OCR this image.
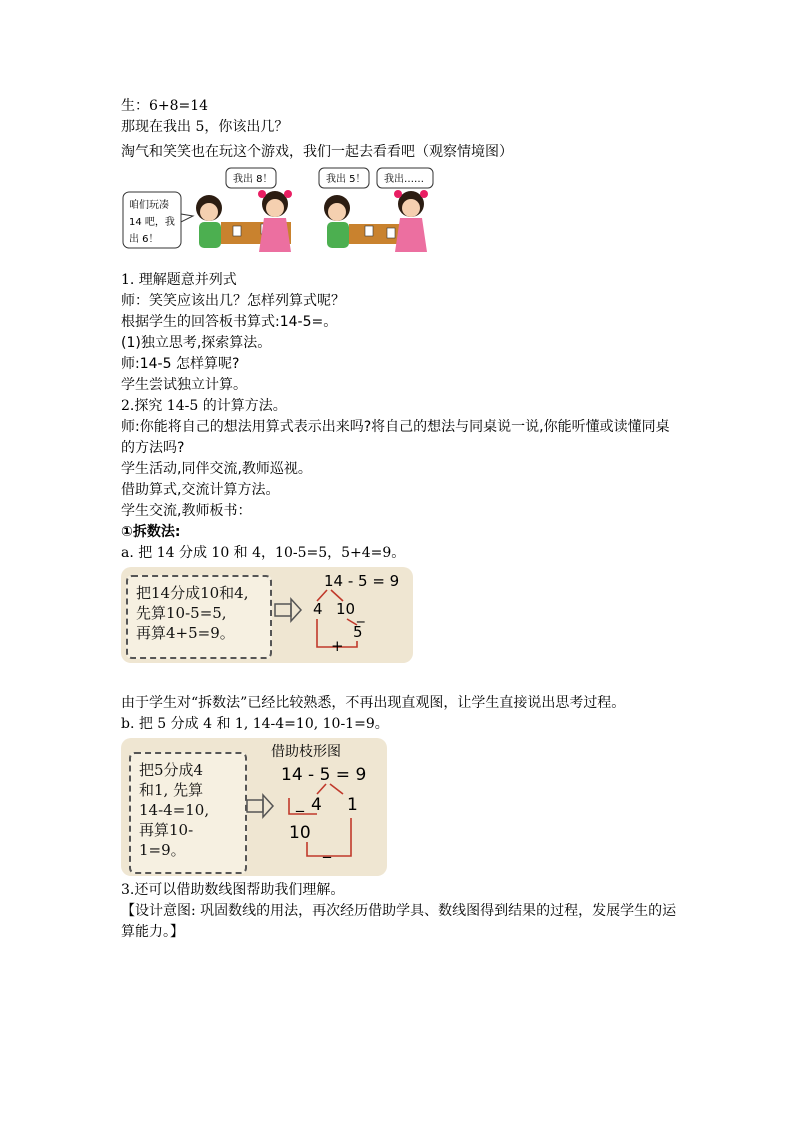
生：6+8=14
那现在我出 5，你该出几？
淘气和笑笑也在玩这个游戏，我们一起去看看吧（观察情境图）
咱们玩凑
14 吧，我
出 6！
我出 8！	我出 5！ 我出……
1. 理解题意并列式
师：笑笑应该出几？怎样列算式呢？
根据学生的回答板书算式:14-5=。
(1)独立思考,探索算法。
师:14-5 怎样算呢?
学生尝试独立计算。
2.探究 14-5 的计算方法。
师:你能将自己的想法用算式表示出来吗?将自己的想法与同桌说一说,你能听懂或读懂同桌的方法吗?
学生活动,同伴交流,教师巡视。
借助算式,交流计算方法。
学生交流,教师板书：
①拆数法:
a. 把 14 分成 10 和 4，10-5=5，5+4=9。
把14分成10和4,
先算10-5=5,
再算4+5=9。
14 - 5 = 9
4 10 _
5
+
由于学生对“拆数法”已经比较熟悉，不再出现直观图，让学生直接说出思考过程。
b. 把 5 分成 4 和 1, 14-4=10, 10-1=9。
把5分成4
和1, 先算
14-4=10,
再算10-
1=9。
借助枝形图
14 - 5 = 9
_ 4 1
10
_
3.还可以借助数线图帮助我们理解。
【设计意图: 巩固数线的用法，再次经历借助学具、数线图得到结果的过程，发展学生的运算能力。】
